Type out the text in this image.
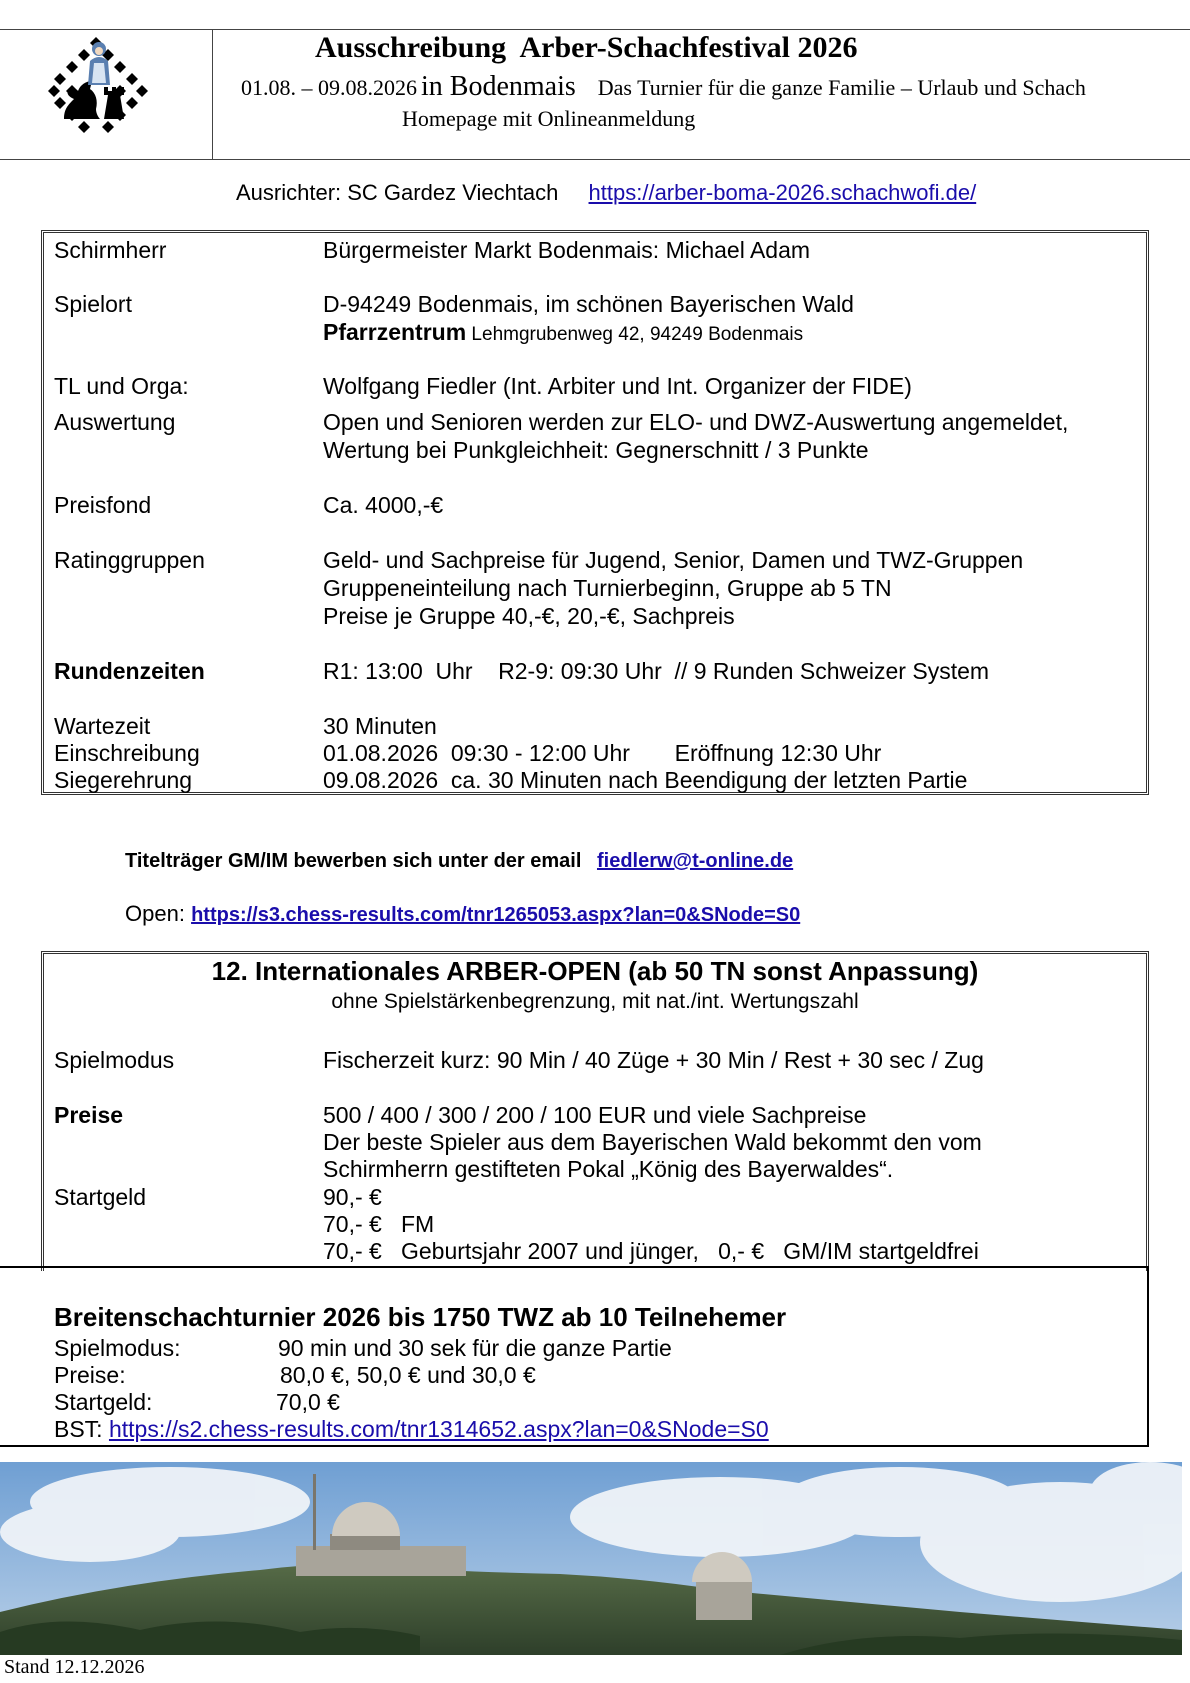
Ausschreibung  Arber-Schachfestival 2026
01.08. – 09.08.2026 in Bodenmais Das Turnier für die ganze Familie – Urlaub und Schach
Homepage mit Onlineanmeldung
Ausrichter: SC Gardez Viechtach https://arber-boma-2026.schachwofi.de/
Schirmherr	Bürgermeister Markt Bodenmais: Michael Adam
Spielort	D-94249 Bodenmais, im schönen Bayerischen Wald
Pfarrzentrum Lehmgrubenweg 42, 94249 Bodenmais
TL und Orga:	Wolfgang Fiedler (Int. Arbiter und Int. Organizer der FIDE)
Auswertung	Open und Senioren werden zur ELO- und DWZ-Auswertung angemeldet,
Wertung bei Punkgleichheit: Gegnerschnitt / 3 Punkte
Preisfond	Ca. 4000,-€
Ratinggruppen	Geld- und Sachpreise für Jugend, Senior, Damen und TWZ-Gruppen
Gruppeneinteilung nach Turnierbeginn, Gruppe ab 5 TN
Preise je Gruppe 40,-€, 20,-€, Sachpreis
Rundenzeiten	R1: 13:00  Uhr    R2-9: 09:30 Uhr  // 9 Runden Schweizer System
Wartezeit	30 Minuten
Einschreibung	01.08.2026  09:30 - 12:00 Uhr       Eröffnung 12:30 Uhr
Siegerehrung	09.08.2026  ca. 30 Minuten nach Beendigung der letzten Partie
Titelträger GM/IM bewerben sich unter der email fiedlerw@t-online.de
Open: https://s3.chess-results.com/tnr1265053.aspx?lan=0&SNode=S0
12. Internationales ARBER-OPEN (ab 50 TN sonst Anpassung)
ohne Spielstärkenbegrenzung, mit nat./int. Wertungszahl
Spielmodus	Fischerzeit kurz: 90 Min / 40 Züge + 30 Min / Rest + 30 sec / Zug
Preise	500 / 400 / 300 / 200 / 100 EUR und viele Sachpreise
Der beste Spieler aus dem Bayerischen Wald bekommt den vom
Schirmherrn gestifteten Pokal „König des Bayerwaldes“.
Startgeld	90,- €
70,- €   FM
70,- €   Geburtsjahr 2007 und jünger,   0,- €   GM/IM startgeldfrei
Breitenschachturnier 2026 bis 1750 TWZ ab 10 Teilnehemer
Spielmodus:	90 min und 30 sek für die ganze Partie
Preise:	80,0 €, 50,0 € und 30,0 €
Startgeld:	70,0 €
BST: https://s2.chess-results.com/tnr1314652.aspx?lan=0&SNode=S0
Stand 12.12.2026
